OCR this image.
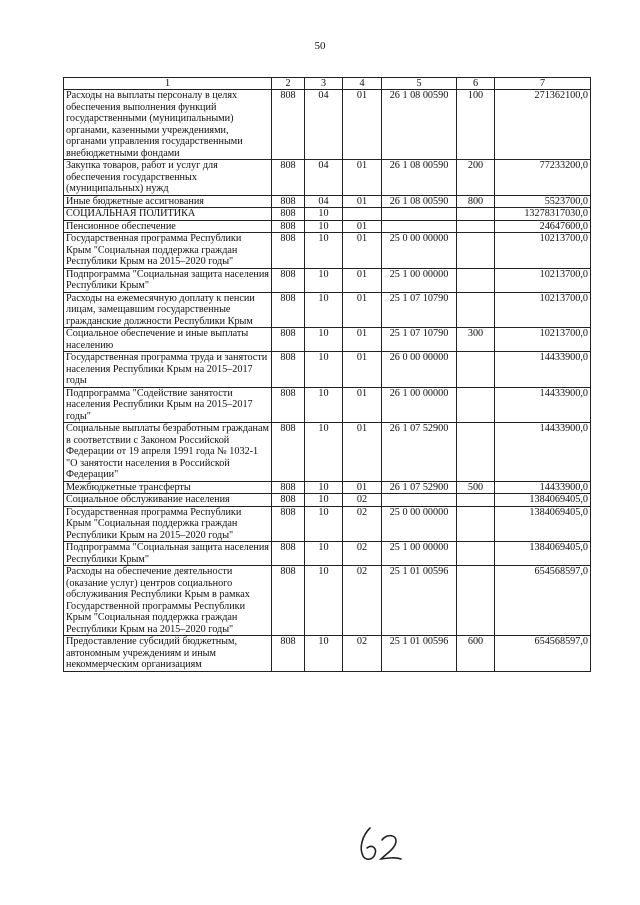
50
1	2	3	4	5	6	7
Расходы на выплаты персоналу в целях обеспечения выполнения функций государственными (муниципальными) органами, казенными учреждениями, органами управления государственными внебюджетными фондами	808	04	01	26 1 08 00590	100	271362100,0
Закупка товаров, работ и услуг для обеспечения государственных (муниципальных) нужд	808	04	01	26 1 08 00590	200	77233200,0
Иные бюджетные ассигнования	808	04	01	26 1 08 00590	800	5523700,0
СОЦИАЛЬНАЯ ПОЛИТИКА	808	10				13278317030,0
Пенсионное обеспечение	808	10	01			24647600,0
Государственная программа Республики Крым "Социальная поддержка граждан Республики Крым на 2015–2020 годы"	808	10	01	25 0 00 00000		10213700,0
Подпрограмма "Социальная защита населения Республики Крым"	808	10	01	25 1 00 00000		10213700,0
Расходы на ежемесячную доплату к пенсии лицам, замещавшим государственные гражданские должности Республики Крым	808	10	01	25 1 07 10790		10213700,0
Социальное обеспечение и иные выплаты населению	808	10	01	25 1 07 10790	300	10213700,0
Государственная программа труда и занятости населения Республики Крым на 2015–2017 годы	808	10	01	26 0 00 00000		14433900,0
Подпрограмма "Содействие занятости населения Республики Крым на 2015–2017 годы"	808	10	01	26 1 00 00000		14433900,0
Социальные выплаты безработным гражданам в соответствии с Законом Российской Федерации от 19 апреля 1991 года № 1032-1 "О занятости населения в Российской Федерации"	808	10	01	26 1 07 52900		14433900,0
Межбюджетные трансферты	808	10	01	26 1 07 52900	500	14433900,0
Социальное обслуживание населения	808	10	02			1384069405,0
Государственная программа Республики Крым "Социальная поддержка граждан Республики Крым на 2015–2020 годы"	808	10	02	25 0 00 00000		1384069405,0
Подпрограмма "Социальная защита населения Республики Крым"	808	10	02	25 1 00 00000		1384069405,0
Расходы на обеспечение деятельности (оказание услуг) центров социального обслуживания Республики Крым в рамках Государственной программы Республики Крым "Социальная поддержка граждан Республики Крым на 2015–2020 годы"	808	10	02	25 1 01 00596		654568597,0
Предоставление субсидий бюджетным, автономным учреждениям и иным некоммерческим организациям	808	10	02	25 1 01 00596	600	654568597,0
